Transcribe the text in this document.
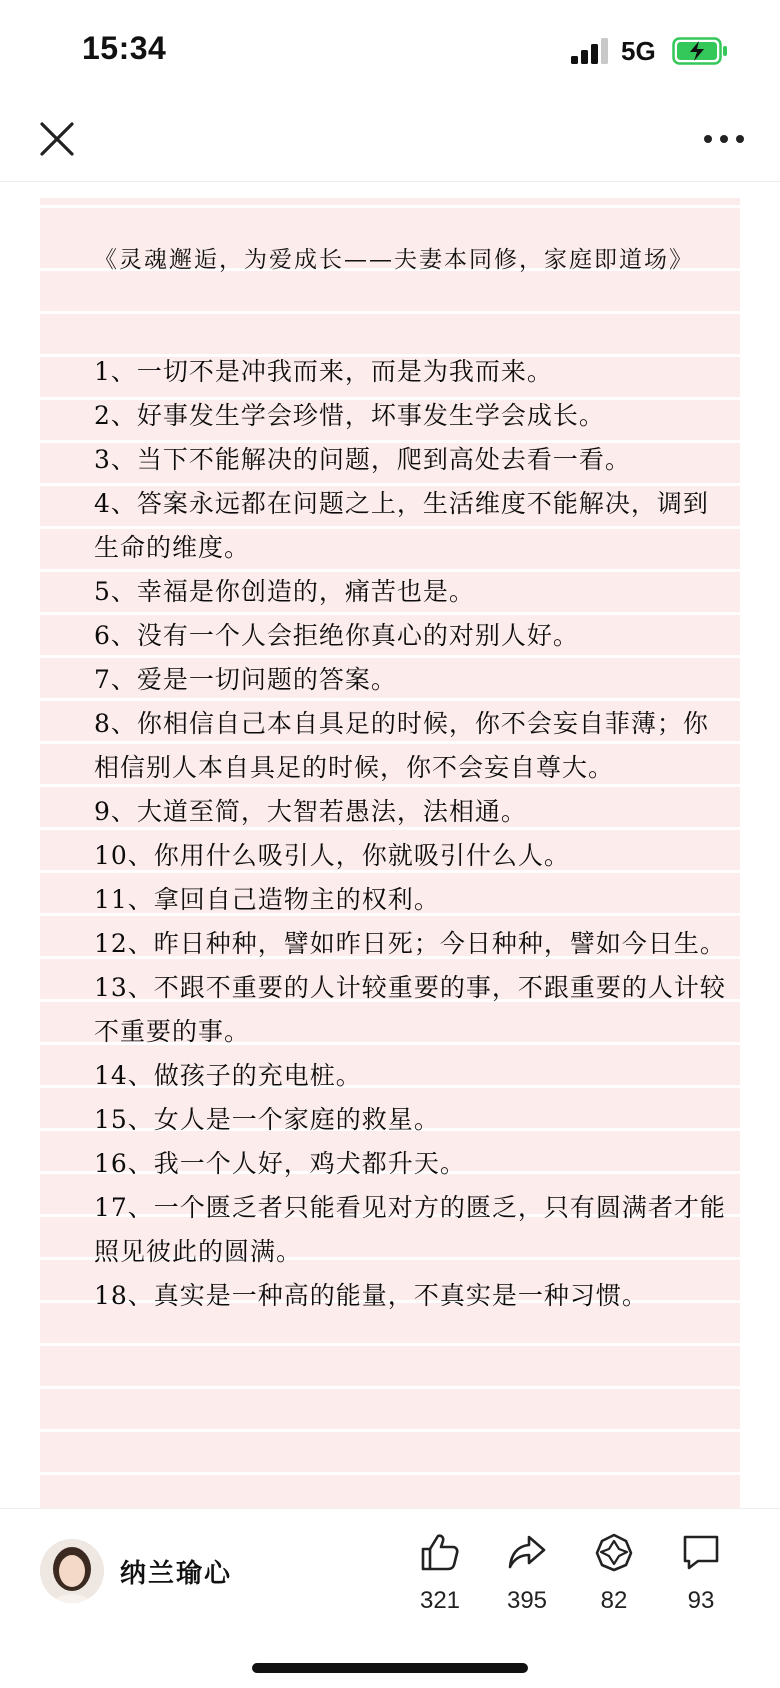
15:34	5G
《灵魂邂逅，为爱成长——夫妻本同修，家庭即道场》
1、一切不是冲我而来，而是为我而来。
2、好事发生学会珍惜，坏事发生学会成长。
3、当下不能解决的问题，爬到高处去看一看。
4、答案永远都在问题之上，生活维度不能解决，调到生命的维度。
5、幸福是你创造的，痛苦也是。
6、没有一个人会拒绝你真心的对别人好。
7、爱是一切问题的答案。
8、你相信自己本自具足的时候，你不会妄自菲薄；你相信别人本自具足的时候，你不会妄自尊大。
9、大道至简，大智若愚法，法相通。
10、你用什么吸引人，你就吸引什么人。
11、拿回自己造物主的权利。
12、昨日种种，譬如昨日死；今日种种，譬如今日生。
13、不跟不重要的人计较重要的事，不跟重要的人计较不重要的事。
14、做孩子的充电桩。
15、女人是一个家庭的救星。
16、我一个人好，鸡犬都升天。
17、一个匮乏者只能看见对方的匮乏，只有圆满者才能照见彼此的圆满。
18、真实是一种高的能量，不真实是一种习惯。
纳兰瑜心
321	395	82	93
